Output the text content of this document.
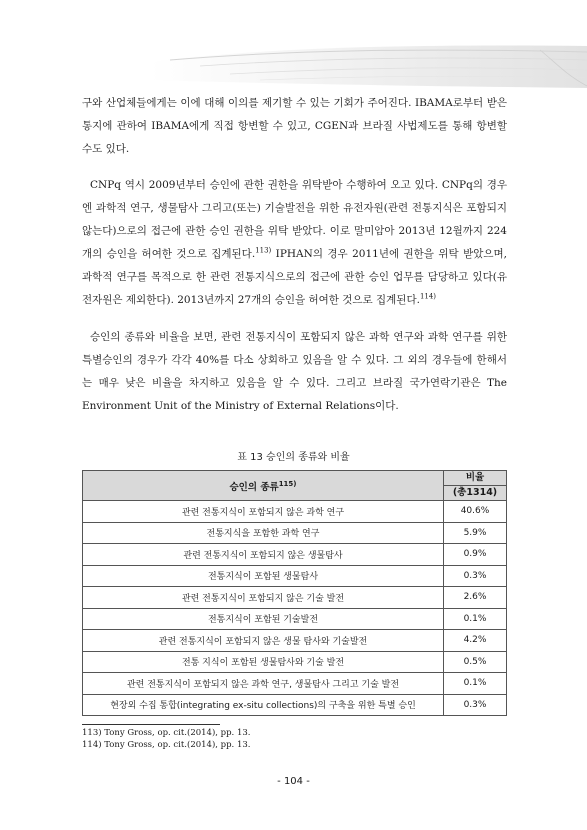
구와 산업체들에게는 이에 대해 이의를 제기할 수 있는 기회가 주어진다. IBAMA로부터 받은 통지에 관하여 IBAMA에게 직접 항변할 수 있고, CGEN과 브라질 사법제도를 통해 항변할 수도 있다.

CNPq 역시 2009년부터 승인에 관한 권한을 위탁받아 수행하여 오고 있다. CNPq의 경우엔 과학적 연구, 생물탐사 그리고(또는) 기술발전을 위한 유전자원(관련 전통지식은 포함되지 않는다)으로의 접근에 관한 승인 권한을 위탁 받았다. 이로 말미암아 2013년 12월까지 224개의 승인을 허여한 것으로 집계된다.$^{113)}$ IPHAN의 경우 2011년에 권한을 위탁 받았으며, 과학적 연구를 목적으로 한 관련 전통지식으로의 접근에 관한 승인 업무를 담당하고 있다(유전자원은 제외한다). 2013년까지 27개의 승인을 허여한 것으로 집계된다.$^{114)}$

승인의 종류와 비율을 보면, 관련 전통지식이 포함되지 않은 과학 연구와 과학 연구를 위한 특별승인의 경우가 각각 40%를 다소 상회하고 있음을 알 수 있다. 그 외의 경우들에 한해서는 매우 낮은 비율을 차지하고 있음을 알 수 있다. 그리고 브라질 국가연락기관은 The Environment Unit of the Ministry of External Relations이다.

표 13 승인의 종류와 비율
승인의 종류$^{115)}$	비율
(총1314)

관련 전통지식이 포함되지 않은 과학 연구	40.6%
전통지식을 포함한 과학 연구	5.9%
관련 전통지식이 포함되지 않은 생물탐사	0.9%
전통지식이 포함된 생물탐사	0.3%
관련 전통지식이 포함되지 않은 기술 발전	2.6%
전통지식이 포함된 기술발전	0.1%
관련 전통지식이 포함되지 않은 생물 탐사와 기술발전	4.2%
전통 지식이 포함된 생물탐사와 기술 발전	0.5%
관련 전통지식이 포함되지 않은 과학 연구, 생물탐사 그리고 기술 발전	0.1%
현장외 수집 통합(integrating ex-situ collections)의 구축을 위한 특별 승인	0.3%
113) Tony Gross, op. cit.(2014), pp. 13.
114) Tony Gross, op. cit.(2014), pp. 13.
- 104 -
